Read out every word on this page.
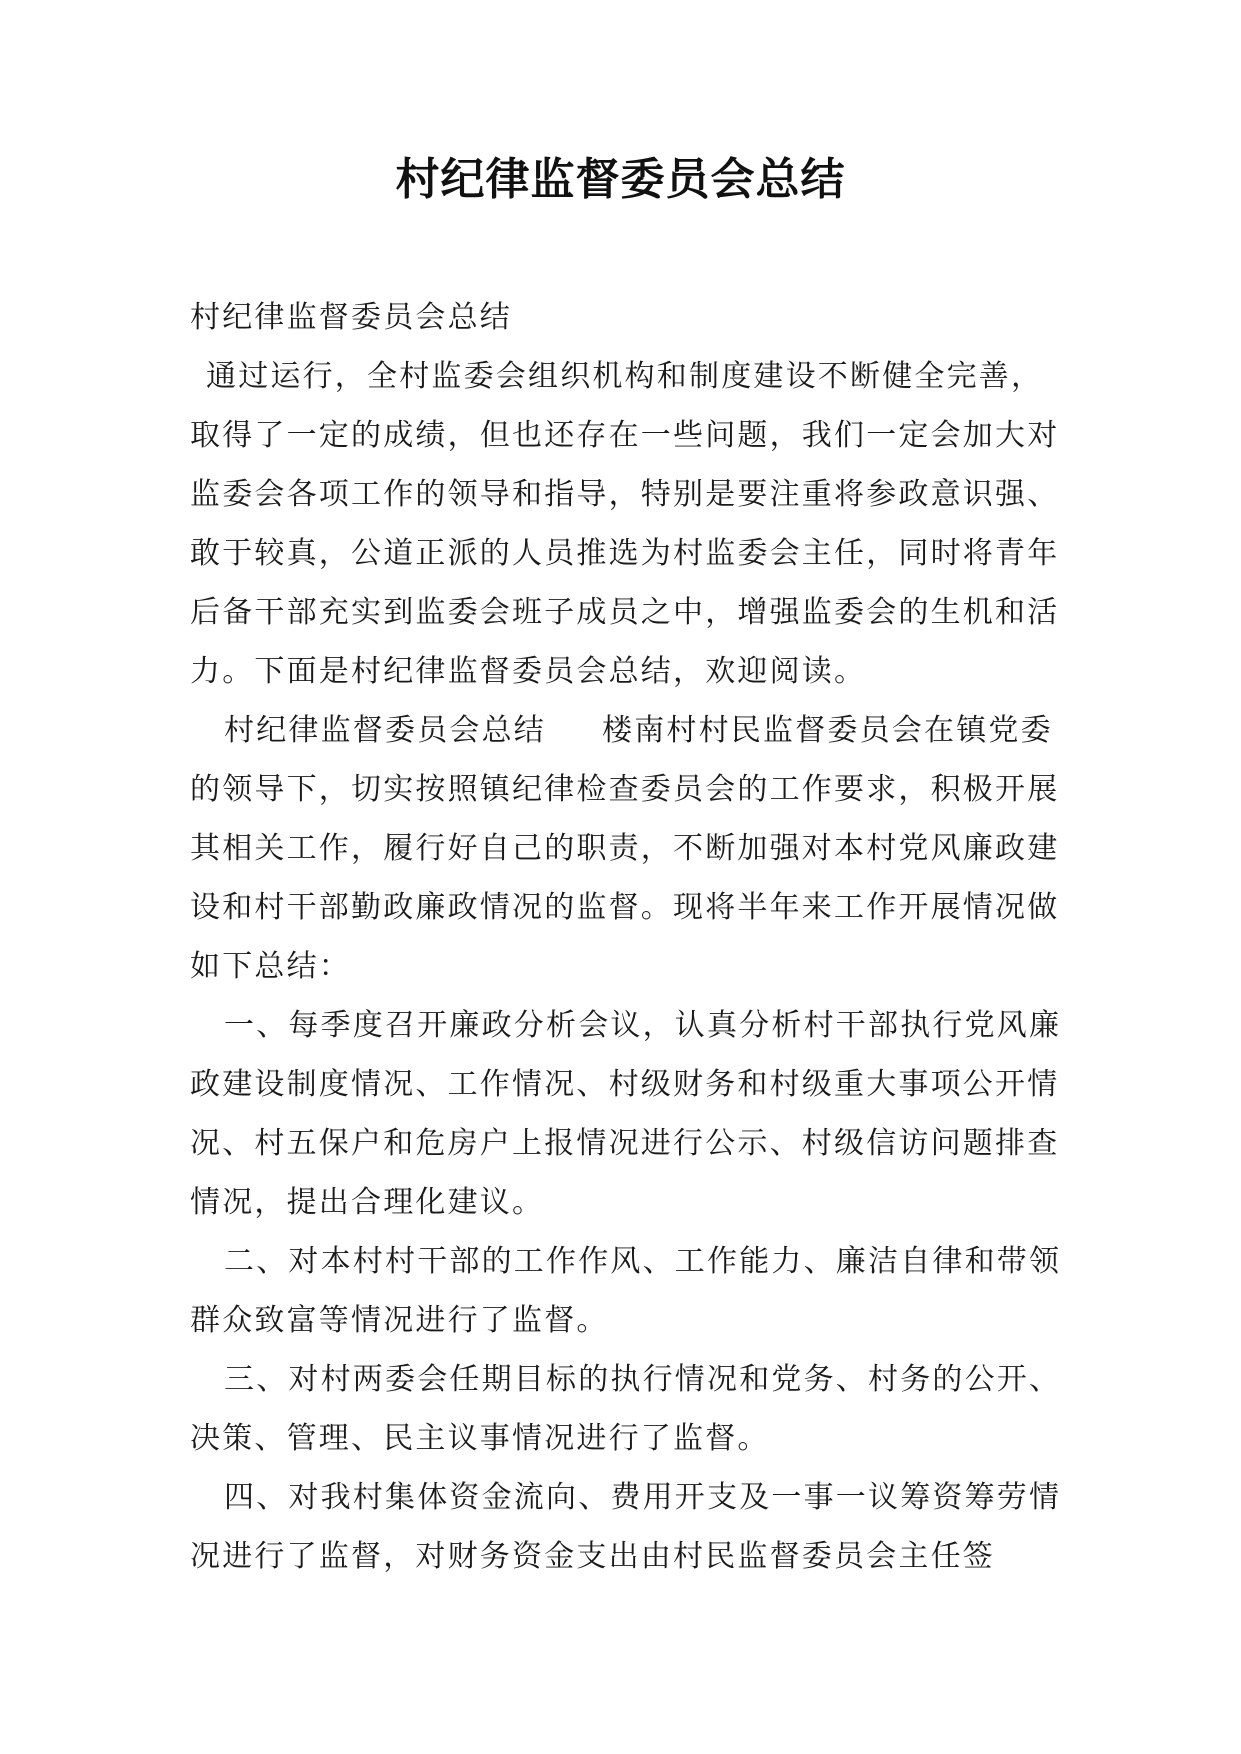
村纪律监督委员会总结

村纪律监督委员会总结

通过运行，全村监委会组织机构和制度建设不断健全完善，取得了一定的成绩，但也还存在一些问题，我们一定会加大对监委会各项工作的领导和指导，特别是要注重将参政意识强、敢于较真，公道正派的人员推选为村监委会主任，同时将青年后备干部充实到监委会班子成员之中，增强监委会的生机和活力。下面是村纪律监督委员会总结，欢迎阅读。

村纪律监督委员会总结 楼南村村民监督委员会在镇党委的领导下，切实按照镇纪律检查委员会的工作要求，积极开展其相关工作，履行好自己的职责，不断加强对本村党风廉政建设和村干部勤政廉政情况的监督。现将半年来工作开展情况做如下总结：

一、每季度召开廉政分析会议，认真分析村干部执行党风廉政建设制度情况、工作情况、村级财务和村级重大事项公开情况、村五保户和危房户上报情况进行公示、村级信访问题排查情况，提出合理化建议。

二、对本村村干部的工作作风、工作能力、廉洁自律和带领群众致富等情况进行了监督。

三、对村两委会任期目标的执行情况和党务、村务的公开、决策、管理、民主议事情况进行了监督。

四、对我村集体资金流向、费用开支及一事一议筹资筹劳情况进行了监督，对财务资金支出由村民监督委员会主任签
